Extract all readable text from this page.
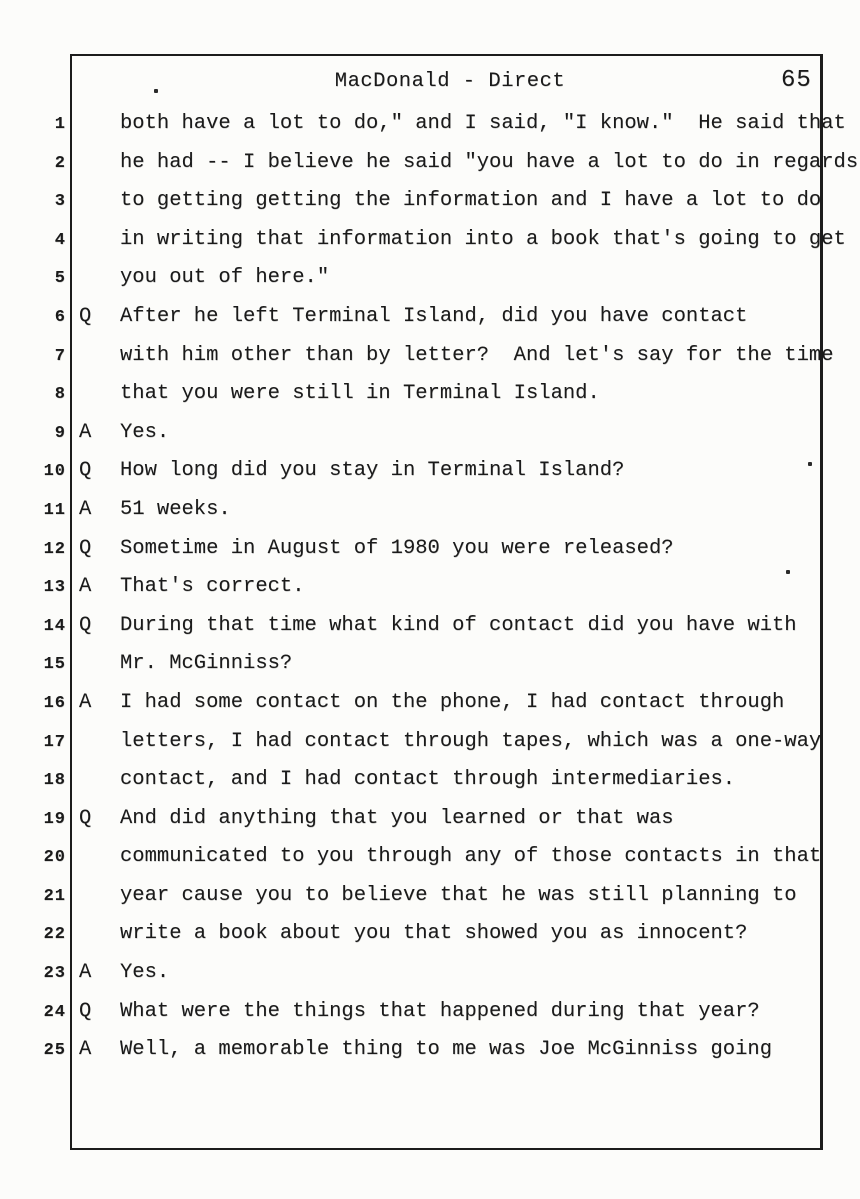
MacDonald - Direct	65
1	both have a lot to do," and I said, "I know."  He said that
2	he had -- I believe he said "you have a lot to do in regards
3	to getting getting the information and I have a lot to do
4	in writing that information into a book that's going to get
5	you out of here."
6 Q After he left Terminal Island, did you have contact
7	with him other than by letter?  And let's say for the time
8	that you were still in Terminal Island.
9 A Yes.
10 Q How long did you stay in Terminal Island?
11 A 51 weeks.
12 Q Sometime in August of 1980 you were released?
13 A That's correct.
14 Q During that time what kind of contact did you have with
15	Mr. McGinniss?
16 A I had some contact on the phone, I had contact through
17	letters, I had contact through tapes, which was a one-way
18	contact, and I had contact through intermediaries.
19 Q And did anything that you learned or that was
20	communicated to you through any of those contacts in that
21	year cause you to believe that he was still planning to
22	write a book about you that showed you as innocent?
23 A Yes.
24 Q What were the things that happened during that year?
25 A Well, a memorable thing to me was Joe McGinniss going
